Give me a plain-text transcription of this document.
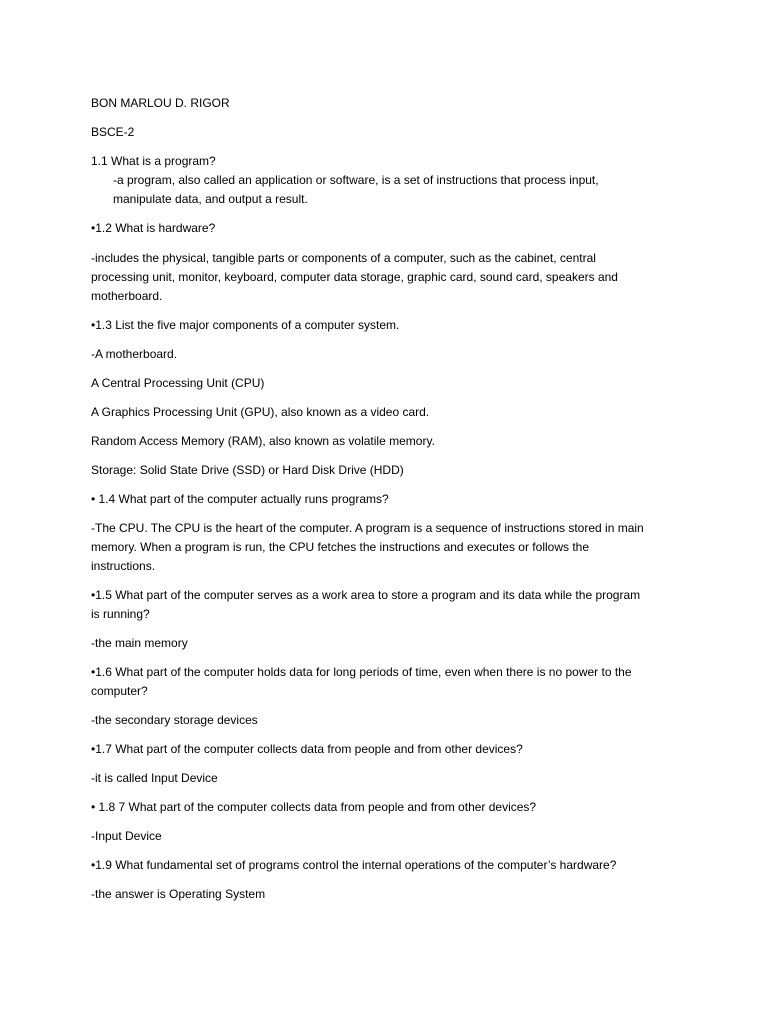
BON MARLOU D. RIGOR
BSCE-2
1.1 What is a program?
-a program, also called an application or software, is a set of instructions that process input,
manipulate data, and output a result.
•1.2 What is hardware?
-includes the physical, tangible parts or components of a computer, such as the cabinet, central
processing unit, monitor, keyboard, computer data storage, graphic card, sound card, speakers and
motherboard.
•1.3 List the five major components of a computer system.
-A motherboard.
A Central Processing Unit (CPU)
A Graphics Processing Unit (GPU), also known as a video card.
Random Access Memory (RAM), also known as volatile memory.
Storage: Solid State Drive (SSD) or Hard Disk Drive (HDD)
• 1.4 What part of the computer actually runs programs?
-The CPU. The CPU is the heart of the computer. A program is a sequence of instructions stored in main
memory. When a program is run, the CPU fetches the instructions and executes or follows the
instructions.
•1.5 What part of the computer serves as a work area to store a program and its data while the program
is running?
-the main memory
•1.6 What part of the computer holds data for long periods of time, even when there is no power to the
computer?
-the secondary storage devices
•1.7 What part of the computer collects data from people and from other devices?
-it is called Input Device
• 1.8 7 What part of the computer collects data from people and from other devices?
-Input Device
•1.9 What fundamental set of programs control the internal operations of the computer’s hardware?
-the answer is Operating System
